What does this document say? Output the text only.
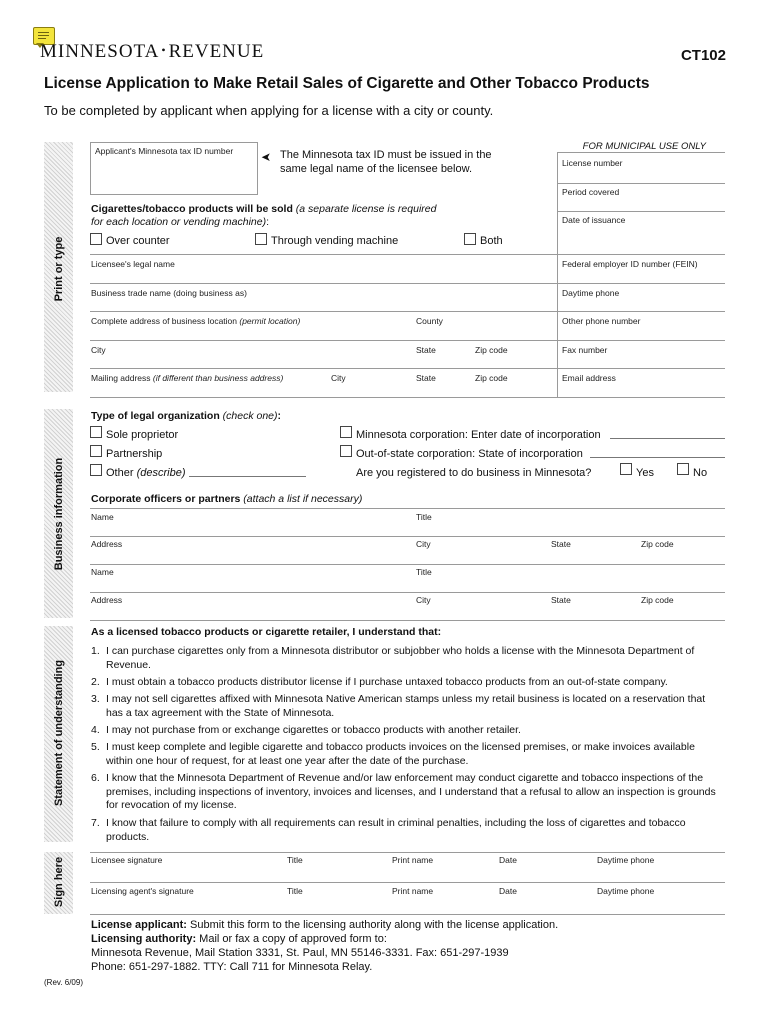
MINNESOTA • REVENUE	CT102
License Application to Make Retail Sales of Cigarette and Other Tobacco Products
To be completed by applicant when applying for a license with a city or county.
Print or type
Business information
Statement of understanding
Sign here
Applicant's Minnesota tax ID number ➤ The Minnesota tax ID must be issued in the
same legal name of the licensee below.
Cigarettes/tobacco products will be sold (a separate license is required
for each location or vending machine):
Over counter	Through vending machine	Both
FOR MUNICIPAL USE ONLY
License number
Period covered
Date of issuance
Licensee's legal name	Federal employer ID number (FEIN)
Business trade name (doing business as)	Daytime phone
Complete address of business location (permit location)	County	Other phone number
City	State	Zip code	Fax number
Mailing address (if different than business address)	City	State	Zip code	Email address
Type of legal organization (check one):
Sole proprietor
Partnership
Other (describe)
Minnesota corporation: Enter date of incorporation
Out-of-state corporation: State of incorporation
Are you registered to do business in Minnesota?	Yes	No
Corporate officers or partners (attach a list if necessary)
Name	Title
Address	City	State	Zip code
Name	Title
Address	City	State	Zip code
As a licensed tobacco products or cigarette retailer, I understand that:
1. I can purchase cigarettes only from a Minnesota distributor or subjobber who holds a license with the Minnesota Department of Revenue.
2. I must obtain a tobacco products distributor license if I purchase untaxed tobacco products from an out-of-state company.
3. I may not sell cigarettes affixed with Minnesota Native American stamps unless my retail business is located on a reservation that has a tax agreement with the State of Minnesota.
4. I may not purchase from or exchange cigarettes or tobacco products with another retailer.
5. I must keep complete and legible cigarette and tobacco products invoices on the licensed premises, or make invoices available within one hour of request, for at least one year after the date of the purchase.
6. I know that the Minnesota Department of Revenue and/or law enforcement may conduct cigarette and tobacco inspections of the premises, including inspections of inventory, invoices and licenses, and I understand that a refusal to allow an inspection is grounds for revocation of my license.
7. I know that failure to comply with all requirements can result in criminal penalties, including the loss of cigarettes and tobacco products.
Licensee signature	Title	Print name	Date	Daytime phone
Licensing agent's signature	Title	Print name	Date	Daytime phone
License applicant: Submit this form to the licensing authority along with the license application.
Licensing authority: Mail or fax a copy of approved form to:
Minnesota Revenue, Mail Station 3331, St. Paul, MN 55146-3331. Fax: 651-297-1939
Phone: 651-297-1882. TTY: Call 711 for Minnesota Relay.
(Rev. 6/09)
